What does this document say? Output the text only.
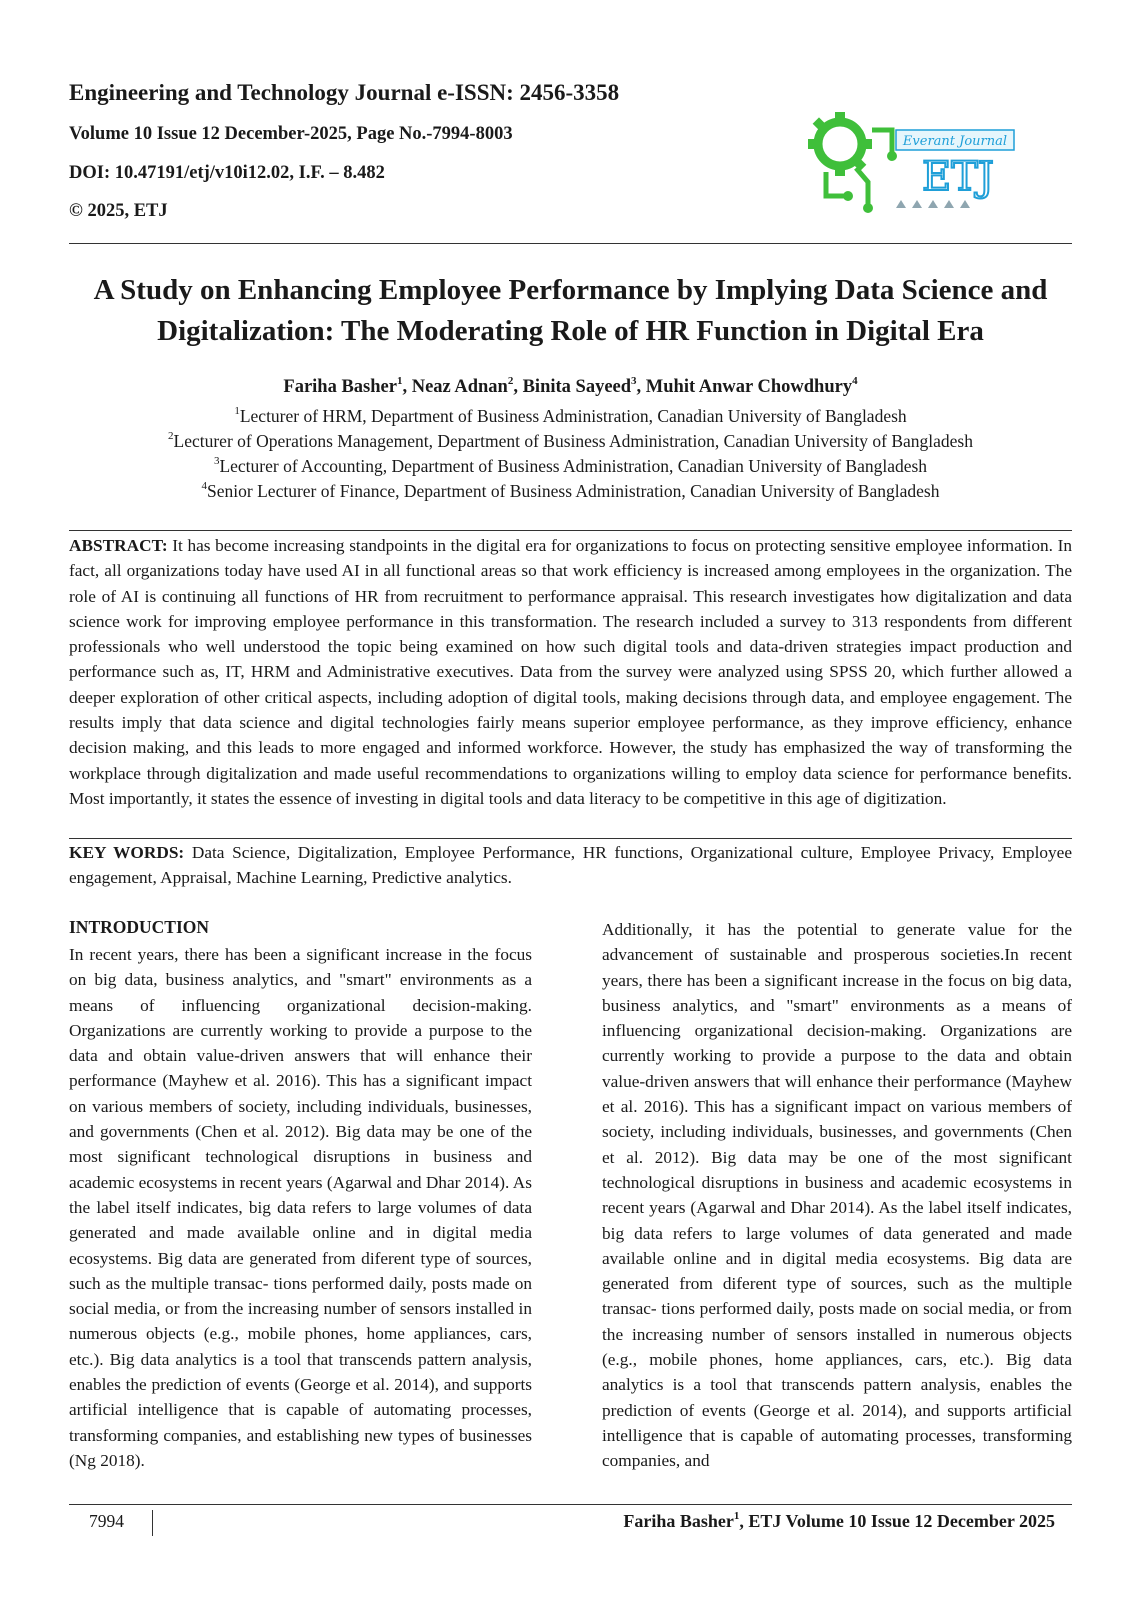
Engineering and Technology Journal e-ISSN: 2456-3358

Volume 10 Issue 12 December-2025, Page No.-7994-8003

DOI: 10.47191/etj/v10i12.02, I.F. – 8.482

© 2025, ETJ

Everant Journal
ETJ
A Study on Enhancing Employee Performance by Implying Data Science and Digitalization: The Moderating Role of HR Function in Digital Era

Fariha Basher$^1$, Neaz Adnan$^2$, Binita Sayeed$^3$, Muhit Anwar Chowdhury$^4$

$^1$Lecturer of HRM, Department of Business Administration, Canadian University of Bangladesh

$^2$Lecturer of Operations Management, Department of Business Administration, Canadian University of Bangladesh

$^3$Lecturer of Accounting, Department of Business Administration, Canadian University of Bangladesh

$^4$Senior Lecturer of Finance, Department of Business Administration, Canadian University of Bangladesh

ABSTRACT: It has become increasing standpoints in the digital era for organizations to focus on protecting sensitive employee information. In fact, all organizations today have used AI in all functional areas so that work efficiency is increased among employees in the organization. The role of AI is continuing all functions of HR from recruitment to performance appraisal. This research investigates how digitalization and data science work for improving employee performance in this transformation. The research included a survey to 313 respondents from different professionals who well understood the topic being examined on how such digital tools and data-driven strategies impact production and performance such as, IT, HRM and Administrative executives. Data from the survey were analyzed using SPSS 20, which further allowed a deeper exploration of other critical aspects, including adoption of digital tools, making decisions through data, and employee engagement. The results imply that data science and digital technologies fairly means superior employee performance, as they improve efficiency, enhance decision making, and this leads to more engaged and informed workforce. However, the study has emphasized the way of transforming the workplace through digitalization and made useful recommendations to organizations willing to employ data science for performance benefits. Most importantly, it states the essence of investing in digital tools and data literacy to be competitive in this age of digitization.

KEY WORDS: Data Science, Digitalization, Employee Performance, HR functions, Organizational culture, Employee Privacy, Employee engagement, Appraisal, Machine Learning, Predictive analytics.

INTRODUCTION

In recent years, there has been a significant increase in the focus on big data, business analytics, and "smart" environments as a means of influencing organizational decision-making. Organizations are currently working to provide a purpose to the data and obtain value-driven answers that will enhance their performance (Mayhew et al. 2016). This has a significant impact on various members of society, including individuals, businesses, and governments (Chen et al. 2012). Big data may be one of the most significant technological disruptions in business and academic ecosystems in recent years (Agarwal and Dhar 2014). As the label itself indicates, big data refers to large volumes of data generated and made available online and in digital media ecosystems. Big data are generated from diferent type of sources, such as the multiple transac- tions performed daily, posts made on social media, or from the increasing number of sensors installed in numerous objects (e.g., mobile phones, home appliances, cars, etc.). Big data analytics is a tool that transcends pattern analysis, enables the prediction of events (George et al. 2014), and supports artificial intelligence that is capable of automating processes, transforming companies, and establishing new types of businesses (Ng 2018).

Additionally, it has the potential to generate value for the advancement of sustainable and prosperous societies.In recent years, there has been a significant increase in the focus on big data, business analytics, and "smart" environments as a means of influencing organizational decision-making. Organizations are currently working to provide a purpose to the data and obtain value-driven answers that will enhance their performance (Mayhew et al. 2016). This has a significant impact on various members of society, including individuals, businesses, and governments (Chen et al. 2012). Big data may be one of the most significant technological disruptions in business and academic ecosystems in recent years (Agarwal and Dhar 2014). As the label itself indicates, big data refers to large volumes of data generated and made available online and in digital media ecosystems. Big data are generated from diferent type of sources, such as the multiple transac- tions performed daily, posts made on social media, or from the increasing number of sensors installed in numerous objects (e.g., mobile phones, home appliances, cars, etc.). Big data analytics is a tool that transcends pattern analysis, enables the prediction of events (George et al. 2014), and supports artificial intelligence that is capable of automating processes, transforming companies, and

7994	Fariha Basher$^1$, ETJ Volume 10 Issue 12 December 2025
